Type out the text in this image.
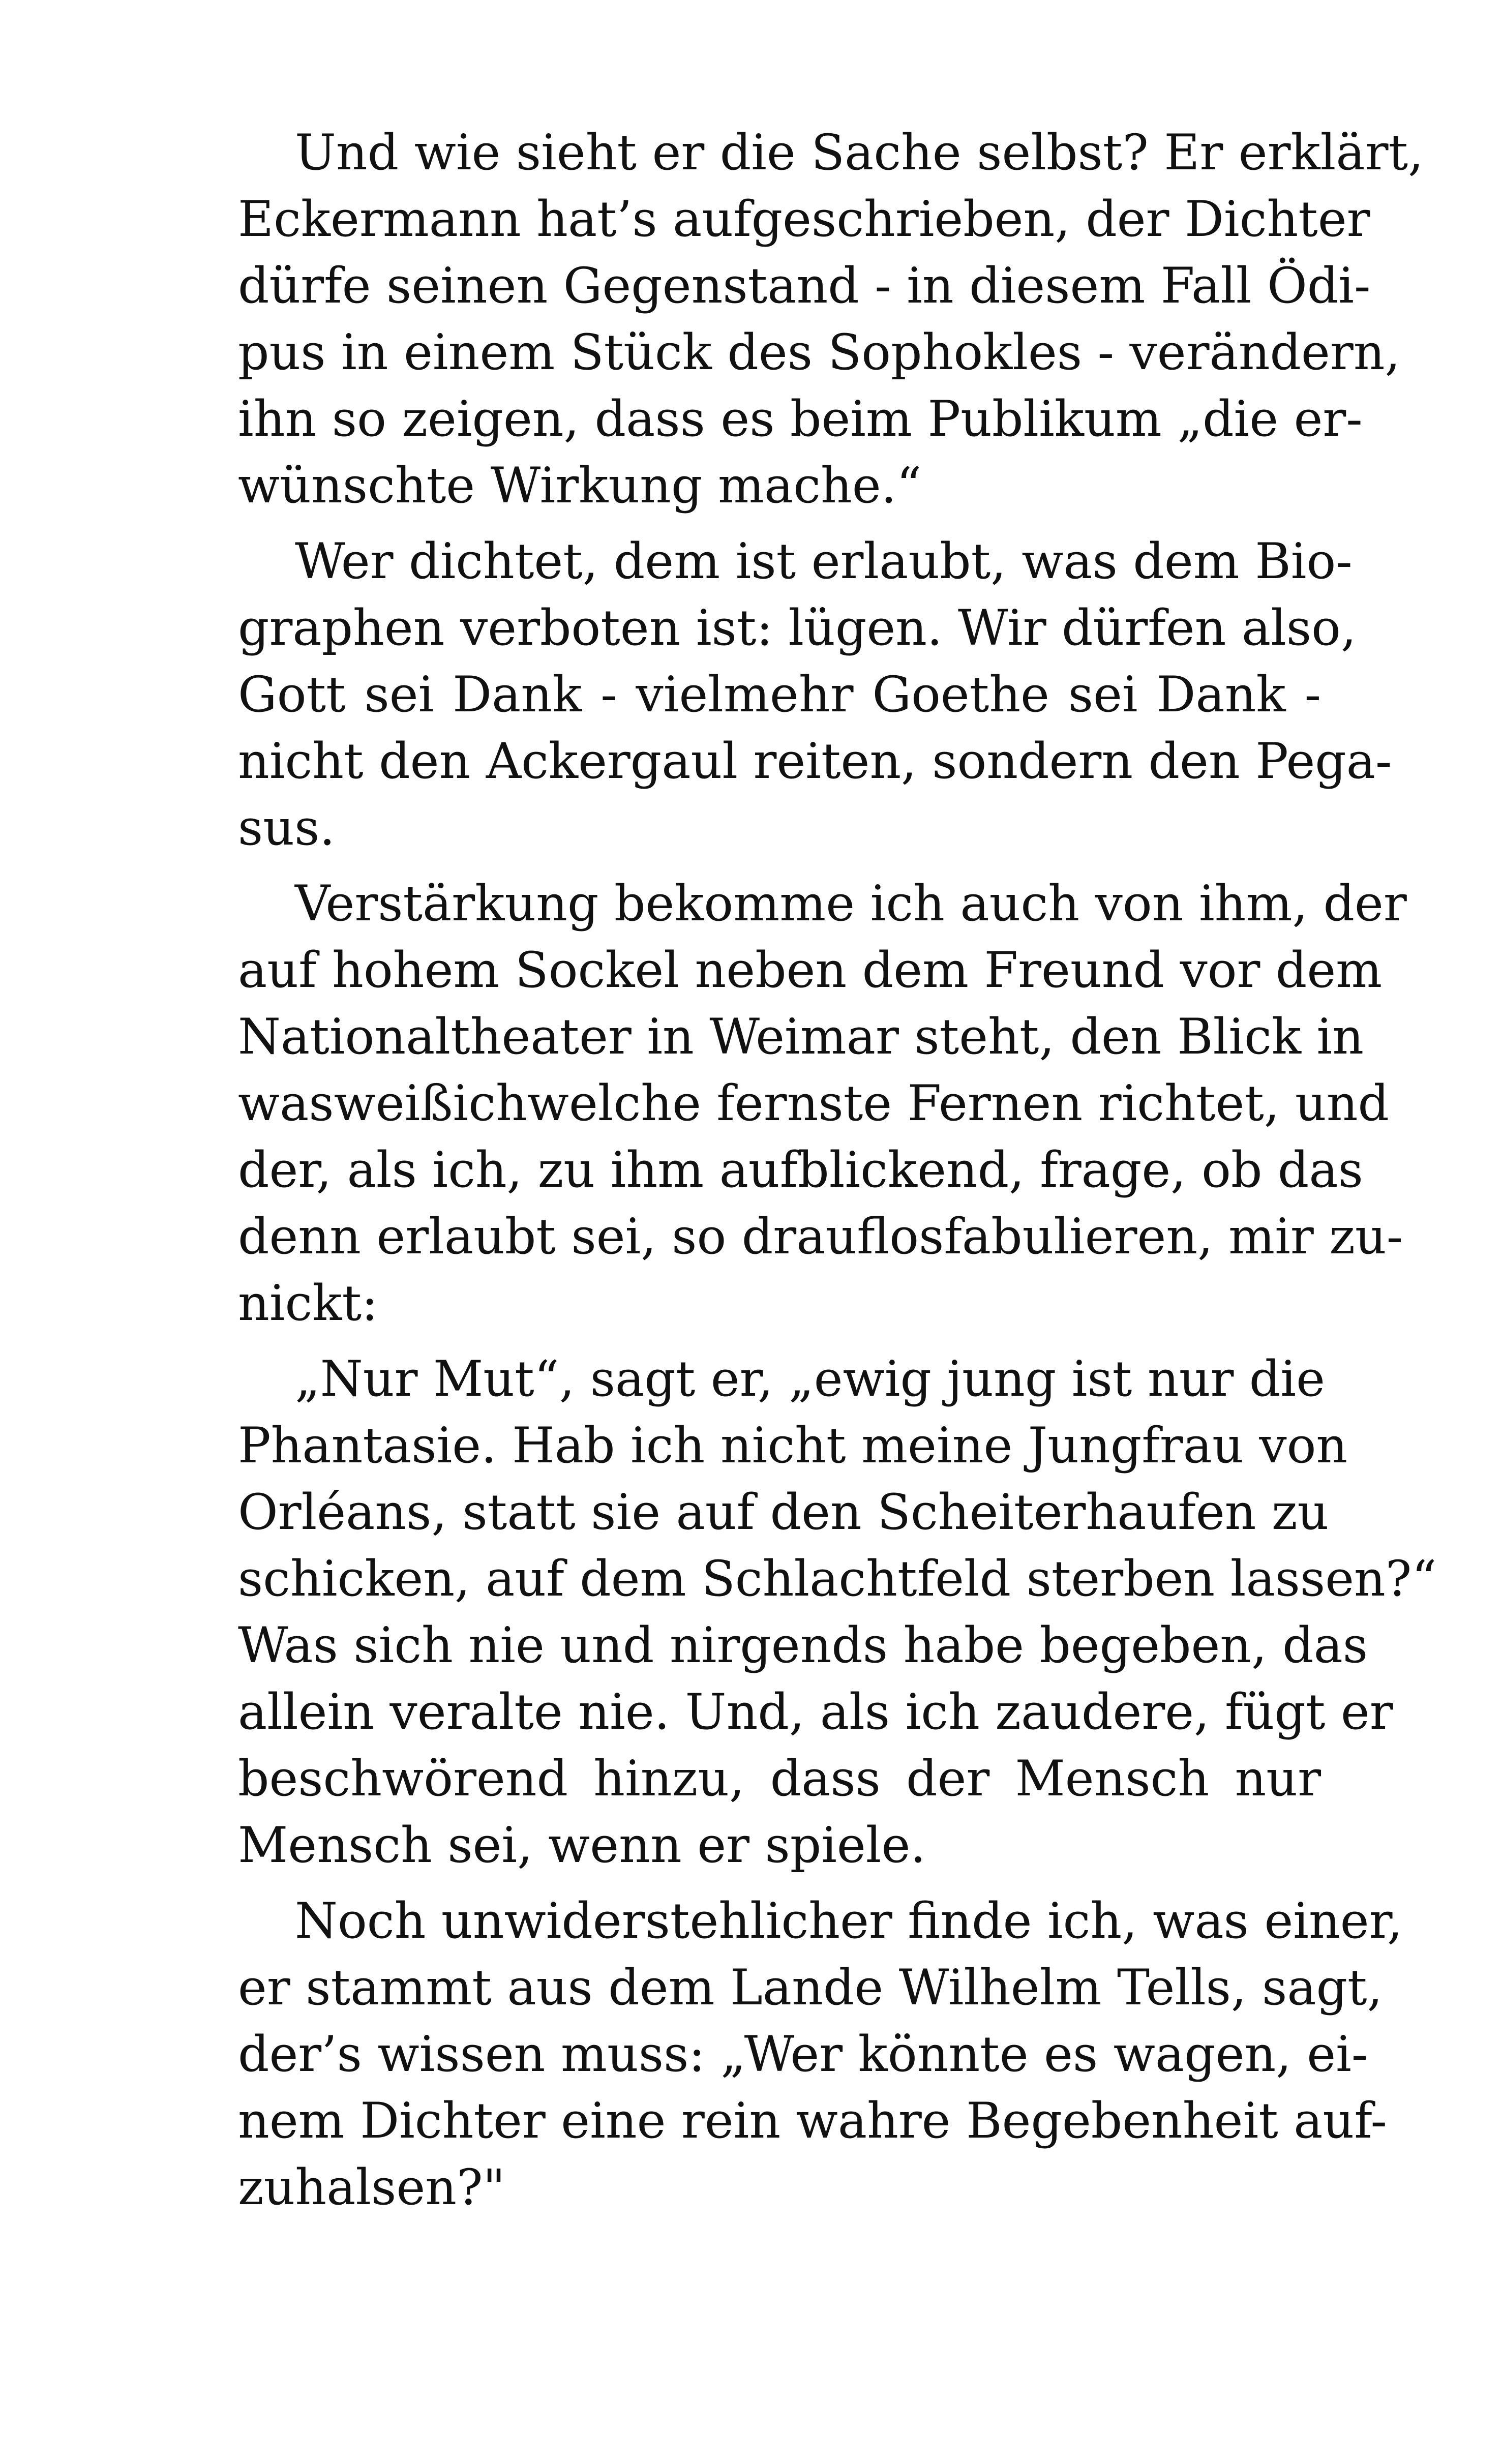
Und wie sieht er die Sache selbst? Er erklärt,
Eckermann hat’s aufgeschrieben, der Dichter
dürfe seinen Gegenstand - in diesem Fall Ödi-
pus in einem Stück des Sophokles - verändern,
ihn so zeigen, dass es beim Publikum „die er-
wünschte Wirkung mache.“
Wer dichtet, dem ist erlaubt, was dem Bio-
graphen verboten ist: lügen. Wir dürfen also,
Gott sei Dank - vielmehr Goethe sei Dank -
nicht den Ackergaul reiten, sondern den Pega-
sus.
Verstärkung bekomme ich auch von ihm, der
auf hohem Sockel neben dem Freund vor dem
Nationaltheater in Weimar steht, den Blick in
wasweißichwelche fernste Fernen richtet, und
der, als ich, zu ihm aufblickend, frage, ob das
denn erlaubt sei, so drauflosfabulieren, mir zu-
nickt:
„Nur Mut“, sagt er, „ewig jung ist nur die
Phantasie. Hab ich nicht meine Jungfrau von
Orléans, statt sie auf den Scheiterhaufen zu
schicken, auf dem Schlachtfeld sterben lassen?“
Was sich nie und nirgends habe begeben, das
allein veralte nie. Und, als ich zaudere, fügt er
beschwörend hinzu, dass der Mensch nur
Mensch sei, wenn er spiele.
Noch unwiderstehlicher finde ich, was einer,
er stammt aus dem Lande Wilhelm Tells, sagt,
der’s wissen muss: „Wer könnte es wagen, ei-
nem Dichter eine rein wahre Begebenheit auf-
zuhalsen?"
